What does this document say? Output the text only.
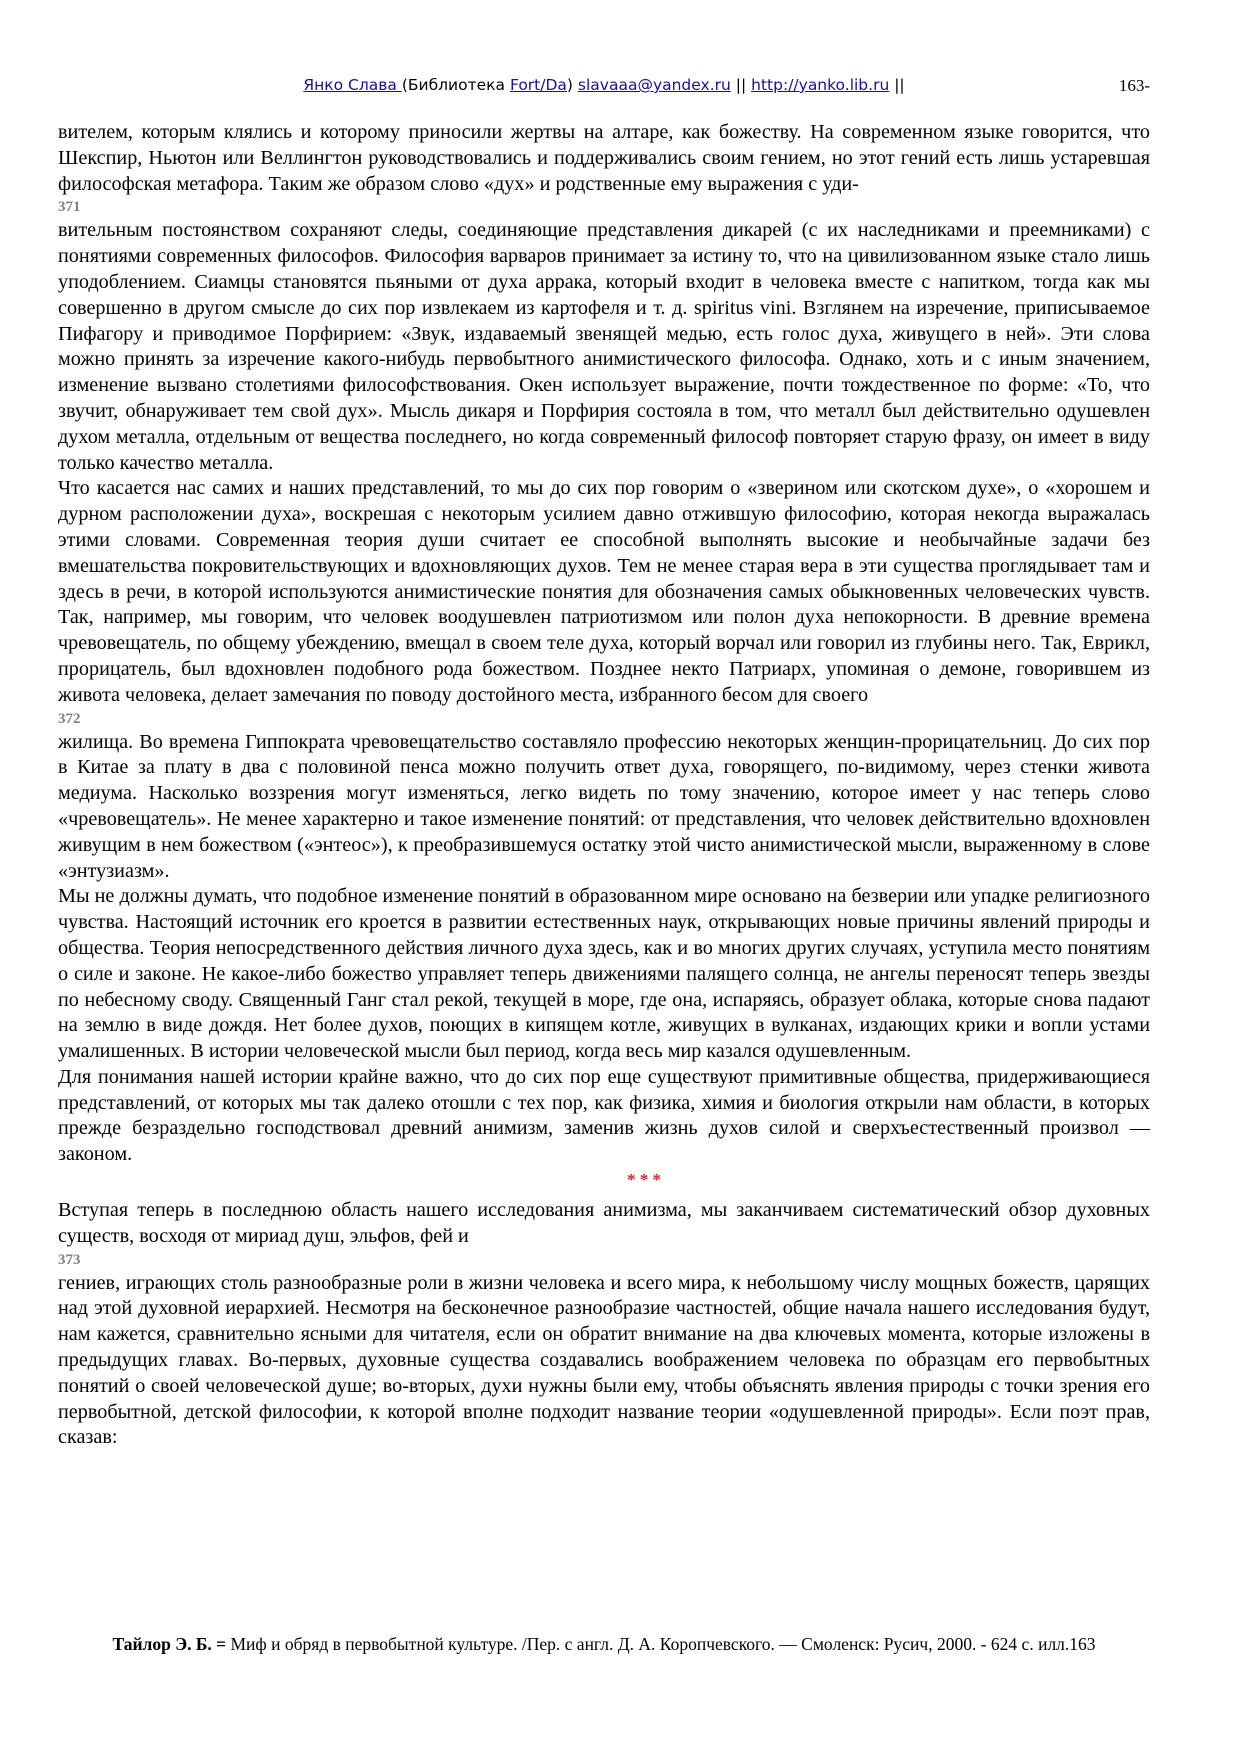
Янко Слава (Библиотека Fort/Da) slavaaa@yandex.ru || http://yanko.lib.ru ||	163-

вителем, которым клялись и которому приносили жертвы на алтаре, как божеству. На современном языке говорится, что Шекспир, Ньютон или Веллингтон руководствовались и поддерживались своим гением, но этот гений есть лишь устаревшая философская метафора. Таким же образом слово «дух» и родственные ему выражения с уди-

371

вительным постоянством сохраняют следы, соединяющие представления дикарей (с их наследниками и преемниками) с понятиями современных философов. Философия варваров принимает за истину то, что на цивилизованном языке стало лишь уподоблением. Сиамцы становятся пьяными от духа аррака, который входит в человека вместе с напитком, тогда как мы совершенно в другом смысле до сих пор извлекаем из картофеля и т. д. spiritus vini. Взглянем на изречение, приписываемое Пифагору и приводимое Порфирием: «Звук, издаваемый звенящей медью, есть голос духа, живущего в ней». Эти слова можно принять за изречение какого-нибудь первобытного анимистического философа. Однако, хоть и с иным значением, изменение вызвано столетиями философствования. Окен использует выражение, почти тождественное по форме: «То, что звучит, обнаруживает тем свой дух». Мысль дикаря и Порфирия состояла в том, что металл был действительно одушевлен духом металла, отдельным от вещества последнего, но когда современный философ повторяет старую фразу, он имеет в виду только качество металла.

Что касается нас самих и наших представлений, то мы до сих пор говорим о «зверином или скотском духе», о «хорошем и дурном расположении духа», воскрешая с некоторым усилием давно отжившую философию, которая некогда выражалась этими словами. Современная теория души считает ее способной выполнять высокие и необычайные задачи без вмешательства покровительствующих и вдохновляющих духов. Тем не менее старая вера в эти существа проглядывает там и здесь в речи, в которой используются анимистические понятия для обозначения самых обыкновенных человеческих чувств. Так, например, мы говорим, что человек воодушевлен патриотизмом или полон духа непокорности. В древние времена чревовещатель, по общему убеждению, вмещал в своем теле духа, который ворчал или говорил из глубины него. Так, Еврикл, прорицатель, был вдохновлен подобного рода божеством. Позднее некто Патриарх, упоминая о демоне, говорившем из живота человека, делает замечания по поводу достойного места, избранного бесом для своего

372

жилища. Во времена Гиппократа чревовещательство составляло профессию некоторых женщин-прорицательниц. До сих пор в Китае за плату в два с половиной пенса можно получить ответ духа, говорящего, по-видимому, через стенки живота медиума. Насколько воззрения могут изменяться, легко видеть по тому значению, которое имеет у нас теперь слово «чревовещатель». Не менее характерно и такое изменение понятий: от представления, что человек действительно вдохновлен живущим в нем божеством («энтеос»), к преобразившемуся остатку этой чисто анимистической мысли, выраженному в слове «энтузиазм».

Мы не должны думать, что подобное изменение понятий в образованном мире основано на безверии или упадке религиозного чувства. Настоящий источник его кроется в развитии естественных наук, открывающих новые причины явлений природы и общества. Теория непосредственного действия личного духа здесь, как и во многих других случаях, уступила место понятиям о силе и законе. Не какое-либо божество управляет теперь движениями палящего солнца, не ангелы переносят теперь звезды по небесному своду. Священный Ганг стал рекой, текущей в море, где она, испаряясь, образует облака, которые снова падают на землю в виде дождя. Нет более духов, поющих в кипящем котле, живущих в вулканах, издающих крики и вопли устами умалишенных. В истории человеческой мысли был период, когда весь мир казался одушевленным.

Для понимания нашей истории крайне важно, что до сих пор еще существуют примитивные общества, придерживающиеся представлений, от которых мы так далеко отошли с тех пор, как физика, химия и биология открыли нам области, в которых прежде безраздельно господствовал древний анимизм, заменив жизнь духов силой и сверхъестественный произвол — законом.

* * *

Вступая теперь в последнюю область нашего исследования анимизма, мы заканчиваем систематический обзор духовных существ, восходя от мириад душ, эльфов, фей и

373

гениев, играющих столь разнообразные роли в жизни человека и всего мира, к небольшому числу мощных божеств, царящих над этой духовной иерархией. Несмотря на бесконечное разнообразие частностей, общие начала нашего исследования будут, нам кажется, сравнительно ясными для читателя, если он обратит внимание на два ключевых момента, которые изложены в предыдущих главах. Во-первых, духовные существа создавались воображением человека по образцам его первобытных понятий о своей человеческой душе; во-вторых, духи нужны были ему, чтобы объяснять явления природы с точки зрения его первобытной, детской философии, к которой вполне подходит название теории «одушевленной природы». Если поэт прав, сказав:

Тайлор Э. Б. = Миф и обряд в первобытной культуре. /Пер. с англ. Д. А. Коропчевского. — Смоленск: Русич, 2000. - 624 с. илл.163
